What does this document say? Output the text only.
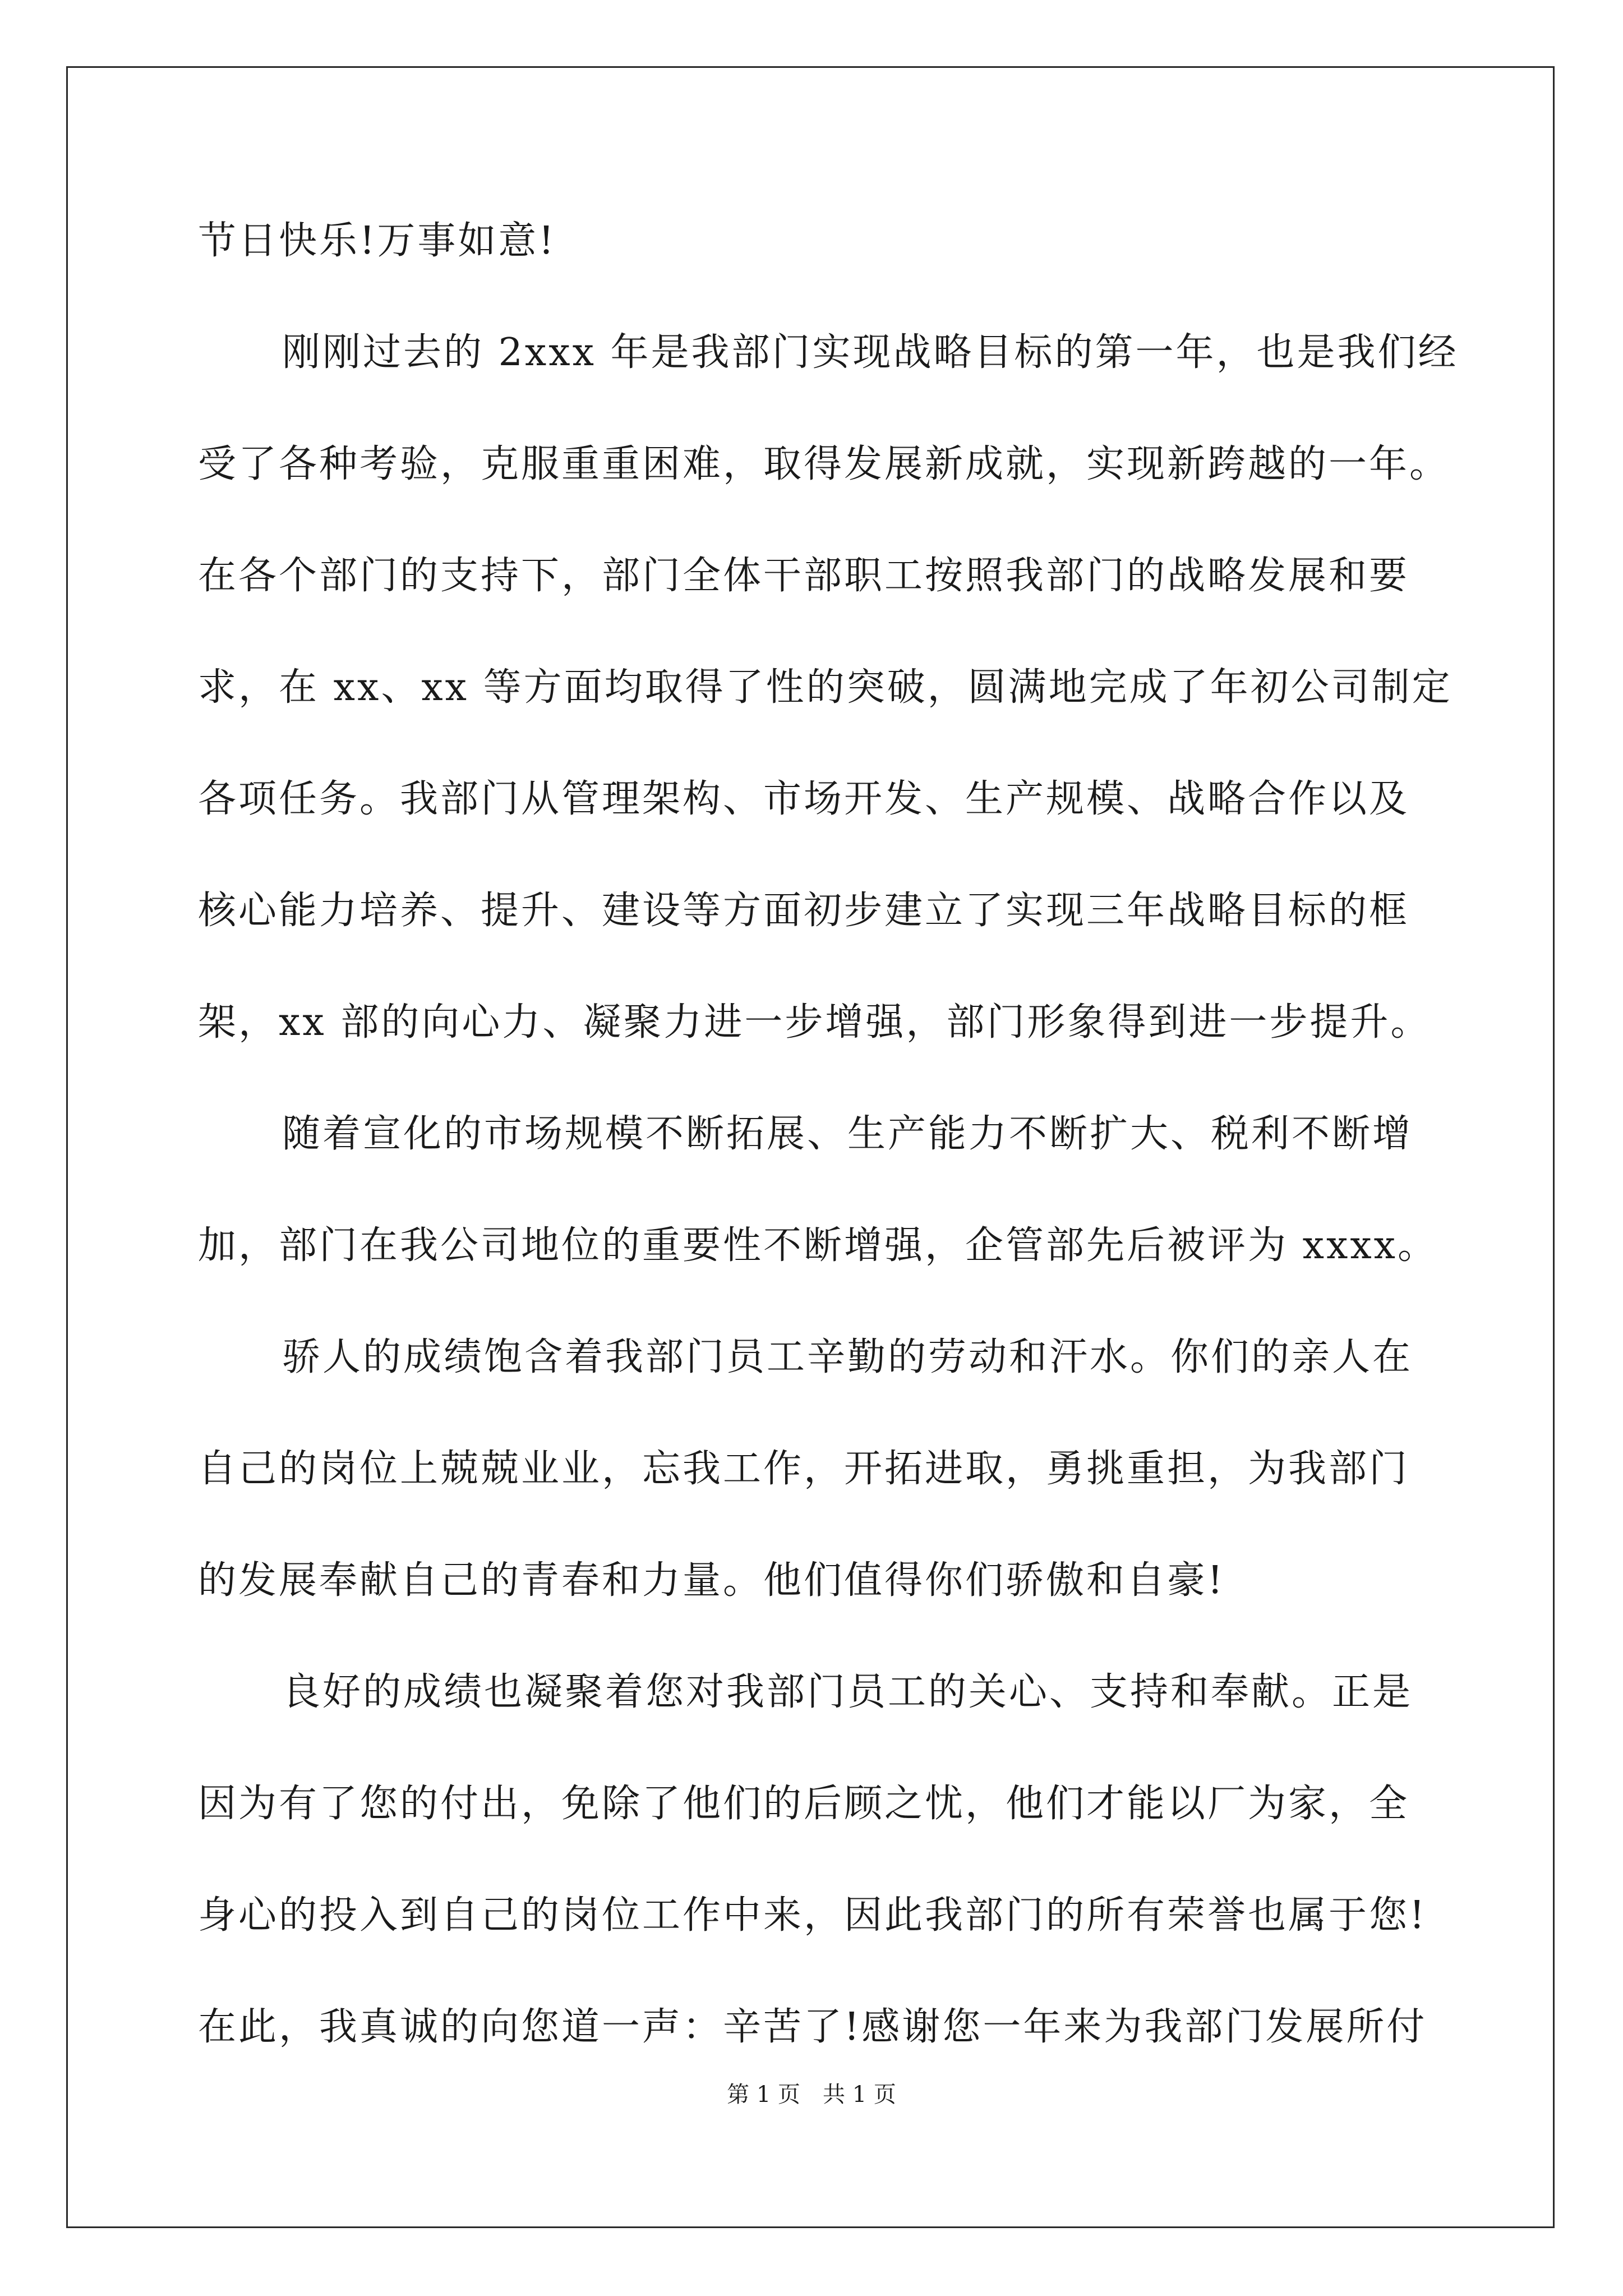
节日快乐!万事如意!
刚刚过去的 2xxx 年是我部门实现战略目标的第一年，也是我们经
受了各种考验，克服重重困难，取得发展新成就，实现新跨越的一年。
在各个部门的支持下，部门全体干部职工按照我部门的战略发展和要
求，在 xx、xx 等方面均取得了性的突破，圆满地完成了年初公司制定
各项任务。我部门从管理架构、市场开发、生产规模、战略合作以及
核心能力培养、提升、建设等方面初步建立了实现三年战略目标的框
架，xx 部的向心力、凝聚力进一步增强，部门形象得到进一步提升。
随着宣化的市场规模不断拓展、生产能力不断扩大、税利不断增
加，部门在我公司地位的重要性不断增强，企管部先后被评为 xxxx。
骄人的成绩饱含着我部门员工辛勤的劳动和汗水。你们的亲人在
自己的岗位上兢兢业业，忘我工作，开拓进取，勇挑重担，为我部门
的发展奉献自己的青春和力量。他们值得你们骄傲和自豪!
良好的成绩也凝聚着您对我部门员工的关心、支持和奉献。正是
因为有了您的付出，免除了他们的后顾之忧，他们才能以厂为家，全
身心的投入到自己的岗位工作中来，因此我部门的所有荣誉也属于您!
在此，我真诚的向您道一声：辛苦了!感谢您一年来为我部门发展所付
第 1 页　共 1 页
